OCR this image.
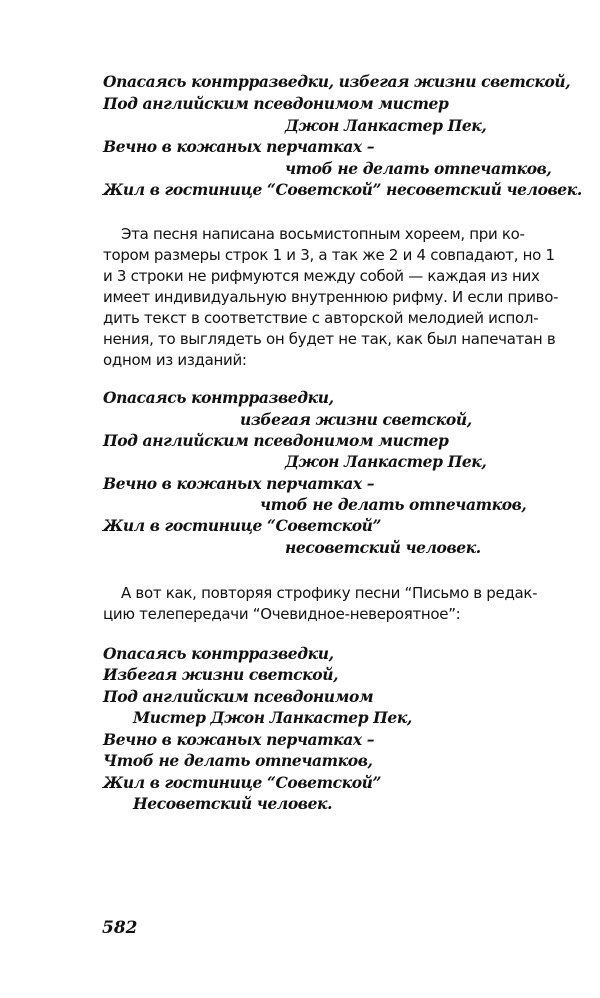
Опасаясь контрразведки, избегая жизни светской,

Под английским псевдонимом мистер

Джон Ланкастер Пек,

Вечно в кожаных перчатках –

чтоб не делать отпечатков,

Жил в гостинице “Советской” несоветский человек.

Эта песня написана восьмистопным хореем, при ко-

тором размеры строк 1 и 3, а так же 2 и 4 совпадают, но 1

и 3 строки не рифмуются между собой — каждая из них

имеет индивидуальную внутреннюю рифму. И если приво-

дить текст в соответствие с авторской мелодией испол-

нения, то выглядеть он будет не так, как был напечатан в

одном из изданий:

Опасаясь контрразведки,

избегая жизни светской,

Под английским псевдонимом мистер

Джон Ланкастер Пек,

Вечно в кожаных перчатках –

чтоб не делать отпечатков,

Жил в гостинице “Советской”

несоветский человек.

А вот как, повторяя строфику песни “Письмо в редак-

цию телепередачи “Очевидное-невероятное”:

Опасаясь контрразведки,

Избегая жизни светской,

Под английским псевдонимом

Мистер Джон Ланкастер Пек,

Вечно в кожаных перчатках –

Чтоб не делать отпечатков,

Жил в гостинице “Советской”

Несоветский человек.

582
